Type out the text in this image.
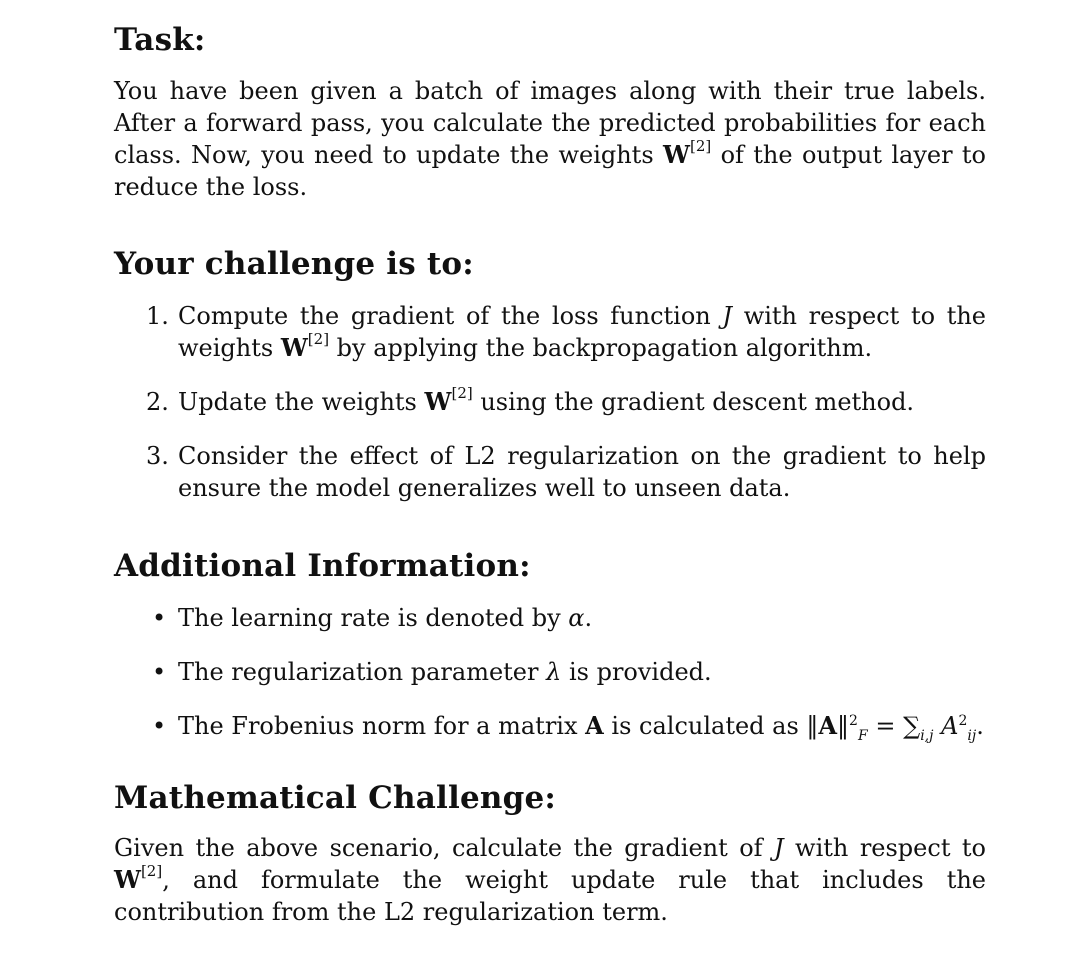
Task:

You have been given a batch of images along with their true labels. After a forward pass, you calculate the predicted probabilities for each class. Now, you need to update the weights W[2] of the output layer to reduce the loss.

Your challenge is to:
1. Compute the gradient of the loss function J with respect to the weights W[2] by applying the backpropagation algorithm.
2. Update the weights W[2] using the gradient descent method.
3. Consider the effect of L2 regularization on the gradient to help ensure the model generalizes well to unseen data.
Additional Information:
• The learning rate is denoted by α.
• The regularization parameter λ is provided.
• The Frobenius norm for a matrix A is calculated as ‖A‖$^2_F$ = $\sum_{i,j}$ $A^2_{ij}$.
Mathematical Challenge:

Given the above scenario, calculate the gradient of J with respect to W[2], and formulate the weight update rule that includes the contribution from the L2 regularization term.
